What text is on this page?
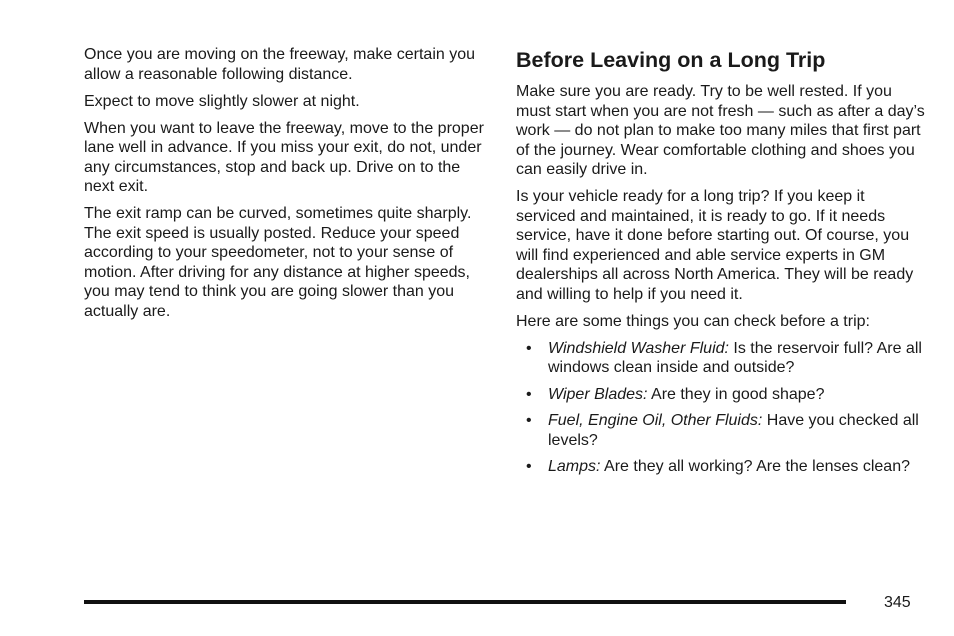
Once you are moving on the freeway, make certain you allow a reasonable following distance.

Expect to move slightly slower at night.

When you want to leave the freeway, move to the proper lane well in advance. If you miss your exit, do not, under any circumstances, stop and back up. Drive on to the next exit.

The exit ramp can be curved, sometimes quite sharply. The exit speed is usually posted. Reduce your speed according to your speedometer, not to your sense of motion. After driving for any distance at higher speeds, you may tend to think you are going slower than you actually are.

Before Leaving on a Long Trip

Make sure you are ready. Try to be well rested. If you must start when you are not fresh — such as after a day’s work — do not plan to make too many miles that first part of the journey. Wear comfortable clothing and shoes you can easily drive in.

Is your vehicle ready for a long trip? If you keep it serviced and maintained, it is ready to go. If it needs service, have it done before starting out. Of course, you will find experienced and able service experts in GM dealerships all across North America. They will be ready and willing to help if you need it.

Here are some things you can check before a trip:

• Windshield Washer Fluid: Is the reservoir full? Are all windows clean inside and outside?
• Wiper Blades: Are they in good shape?
• Fuel, Engine Oil, Other Fluids: Have you checked all levels?
• Lamps: Are they all working? Are the lenses clean?
345
